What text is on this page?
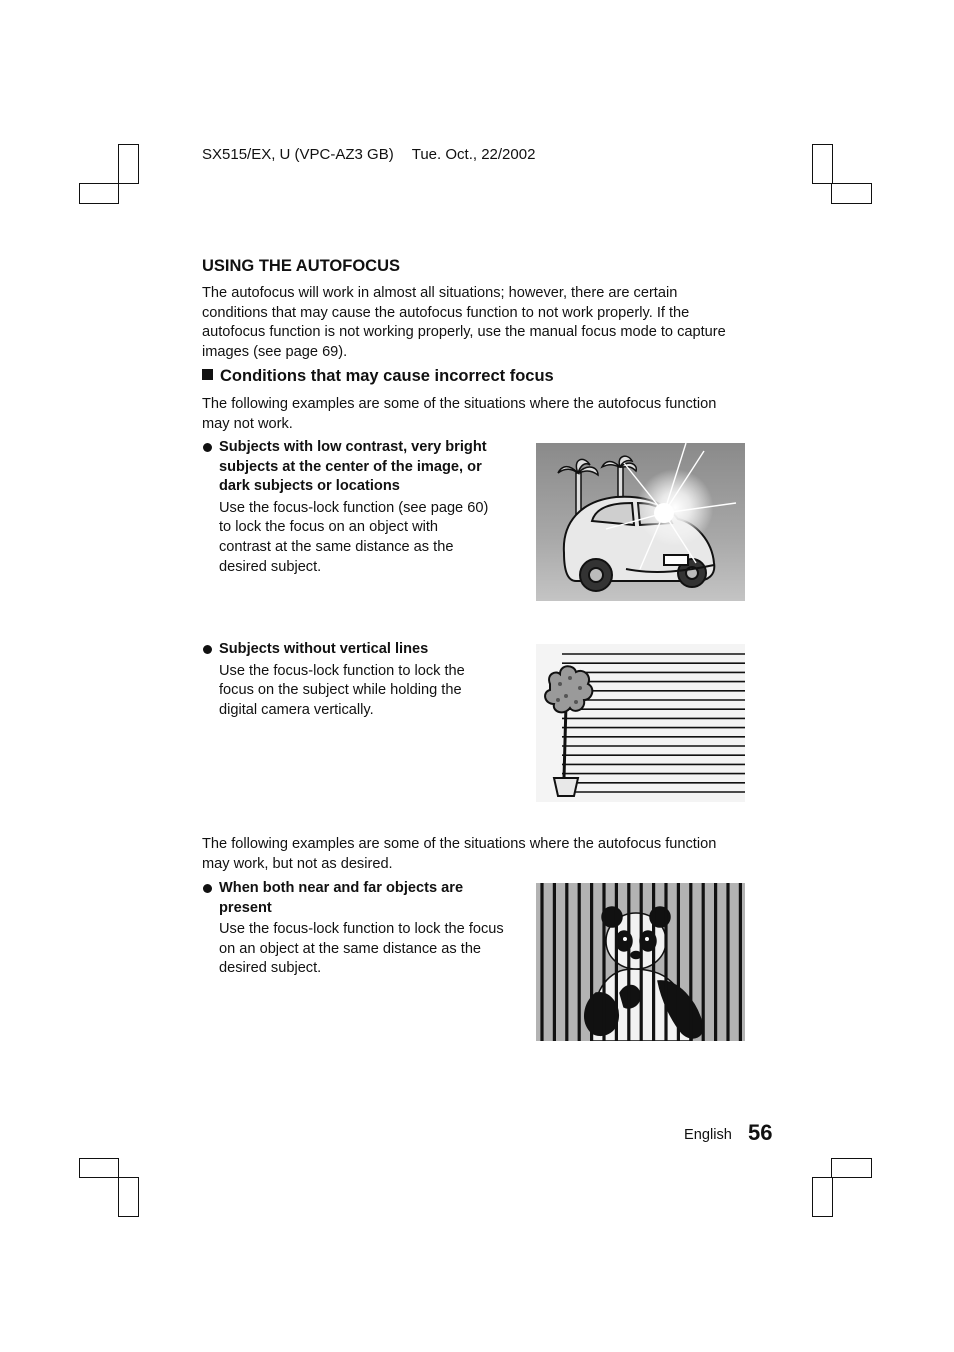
SX515/EX, U (VPC-AZ3 GB) Tue. Oct., 22/2002
USING THE AUTOFOCUS
The autofocus will work in almost all situations; however, there are certain conditions that may cause the autofocus function to not work properly. If the autofocus function is not working properly, use the manual focus mode to capture images (see page 69).
Conditions that may cause incorrect focus
The following examples are some of the situations where the autofocus function may not work.
Subjects with low contrast, very bright subjects at the center of the image, or dark subjects or locations
Use the focus-lock function (see page 60) to lock the focus on an object with contrast at the same distance as the desired subject.
Subjects without vertical lines
Use the focus-lock function to lock the focus on the subject while holding the digital camera vertically.
The following examples are some of the situations where the autofocus function may work, but not as desired.
When both near and far objects are present
Use the focus-lock function to lock the focus on an object at the same distance as the desired subject.
English 56
